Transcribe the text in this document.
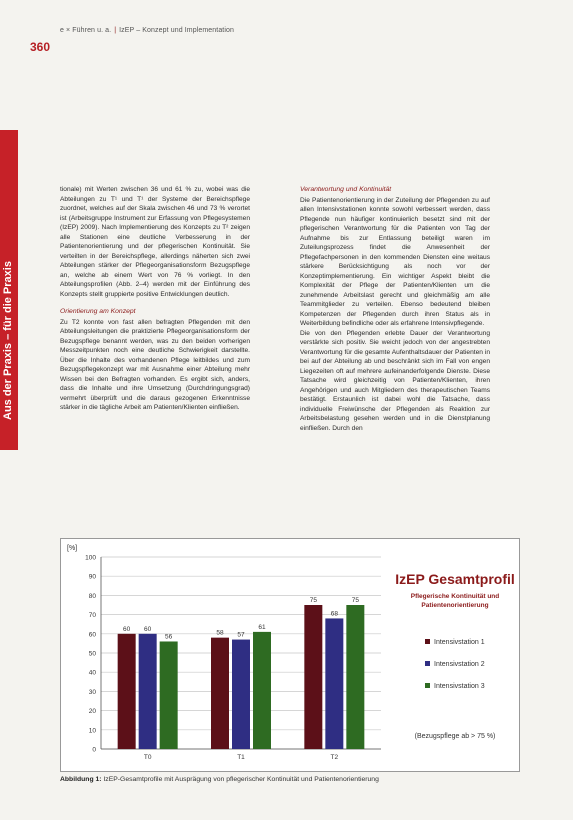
e × Führen u. a. | IzEP – Konzept und Implementation
360
Aus der Praxis – für die Praxis

tionale) mit Werten zwischen 36 und 61 % zu, wobei was die Abteilungen zu T¹ und T¹ der Systeme der Bereichspflege zuordnet, welches auf der Skala zwischen 46 und 73 % verortet ist (Arbeitsgruppe Instrument zur Erfassung von Pflegesystemen (IzEP) 2009). Nach Implementierung des Konzepts zu T² zeigen alle Stationen eine deutliche Verbesserung in der Patientenorientierung und der pflegerischen Kontinuität. Sie verteilten in der Bereichspflege, allerdings näherten sich zwei Abteilungen stärker der Pflegeorganisationsform Bezugspflege an, welche ab einem Wert von 76 % vorliegt. In den Abteilungsprofilen (Abb. 2–4) werden mit der Einführung des Konzepts stellt gruppierte positive Entwicklungen deutlich.

Orientierung am Konzept

Zu T2 konnte von fast allen befragten Pflegenden mit den Abteilungsleitungen die praktizierte Pflegeorganisationsform der Bezugspflege benannt werden, was zu den beiden vorherigen Messzeitpunkten noch eine deutliche Schwierigkeit darstellte. Über die Inhalte des vorhandenen Pflege leitbildes und zum Bezugspflegekonzept war mit Ausnahme einer Abteilung mehr Wissen bei den Befragten vorhanden. Es ergibt sich, anders, dass die Inhalte und ihre Umsetzung (Durchdringungsgrad) vermehrt überprüft und die daraus gezogenen Erkenntnisse stärker in die tägliche Arbeit am Patienten/Klienten einfließen.

Verantwortung und Kontinuität

Die Patientenorientierung in der Zuteilung der Pflegenden zu auf allen Intensivstationen konnte sowohl verbessert werden, dass Pflegende nun häufiger kontinuierlich besetzt sind mit der pflegerischen Verantwortung für die Patienten von Tag der Aufnahme bis zur Entlassung beteiligt waren im Zuteilungsprozess findet die Anwesenheit der Pflegefachpersonen in den kommenden Diensten eine weitaus stärkere Berücksichtigung als noch vor der Konzeptimplementierung. Ein wichtiger Aspekt bleibt die Komplexität der Pflege der Patienten/Klienten um die zunehmende Arbeitslast gerecht und gleichmäßig am alle Teammitglieder zu verteilen. Ebenso bedeutend bleiben Kompetenzen der Pflegenden durch ihren Status als in Weiterbildung befindliche oder als erfahrene Intensivpflegende.

Die von den Pflegenden erlebte Dauer der Verantwortung verstärkte sich positiv. Sie weicht jedoch von der angestrebten Verantwortung für die gesamte Aufenthaltsdauer der Patienten in bei auf der Abteilung ab und beschränkt sich im Fall von engen Liegezeiten oft auf mehrere aufeinanderfolgende Dienste. Diese Tatsache wird gleichzeitig von Patienten/Klienten, ihren Angehörigen und auch Mitgliedern des therapeutischen Teams bestätigt. Erstaunlich ist dabei wohl die Tatsache, dass individuelle Freiwünsche der Pflegenden als Reaktion zur Arbeitsbelastung gesehen werden und in die Dienstplanung einfließen. Durch den

0
10
20
30
40
50
60
70
80
90
100
60 60
56
T0
58 57
61
T1
75
68
75
T2
[%]
IzEP Gesamtprofil
Pflegerische Kontinuität und
Patientenorientierung
Intensivstation 1
Intensivstation 2
Intensivstation 3
(Bezugspflege ab > 75 %)
Abbildung 1: IzEP-Gesamtprofile mit Ausprägung von pflegerischer Kontinuität und Patientenorientierung
